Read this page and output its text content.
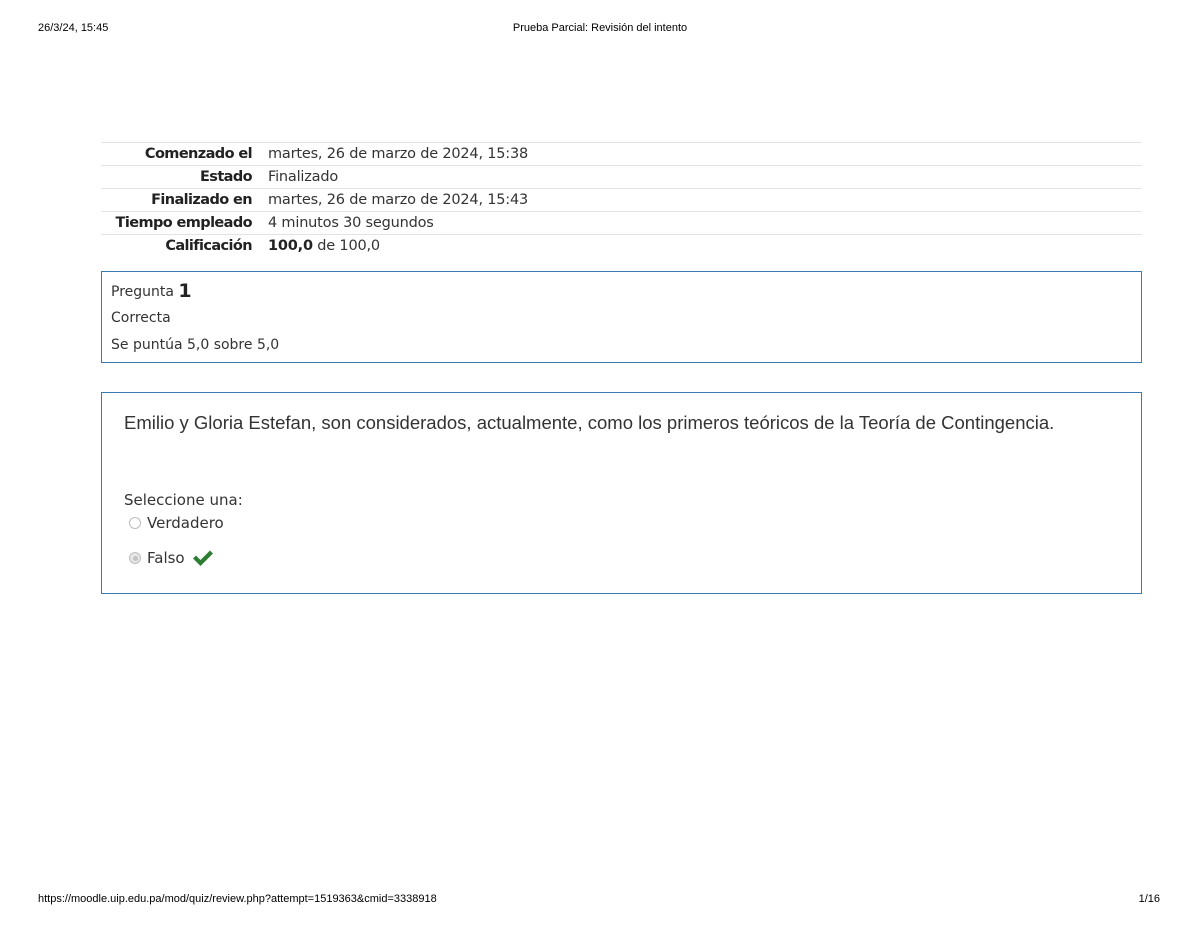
26/3/24, 15:45	Prueba Parcial: Revisión del intento
Comenzado el	martes, 26 de marzo de 2024, 15:38
Estado	Finalizado
Finalizado en	martes, 26 de marzo de 2024, 15:43
Tiempo empleado	4 minutos 30 segundos
Calificación	100,0 de 100,0
Pregunta 1
Correcta
Se puntúa 5,0 sobre 5,0
Emilio y Gloria Estefan, son considerados, actualmente, como los primeros teóricos de la Teoría de Contingencia.
Seleccione una:
Verdadero
Falso
https://moodle.uip.edu.pa/mod/quiz/review.php?attempt=1519363&cmid=3338918	1/16
